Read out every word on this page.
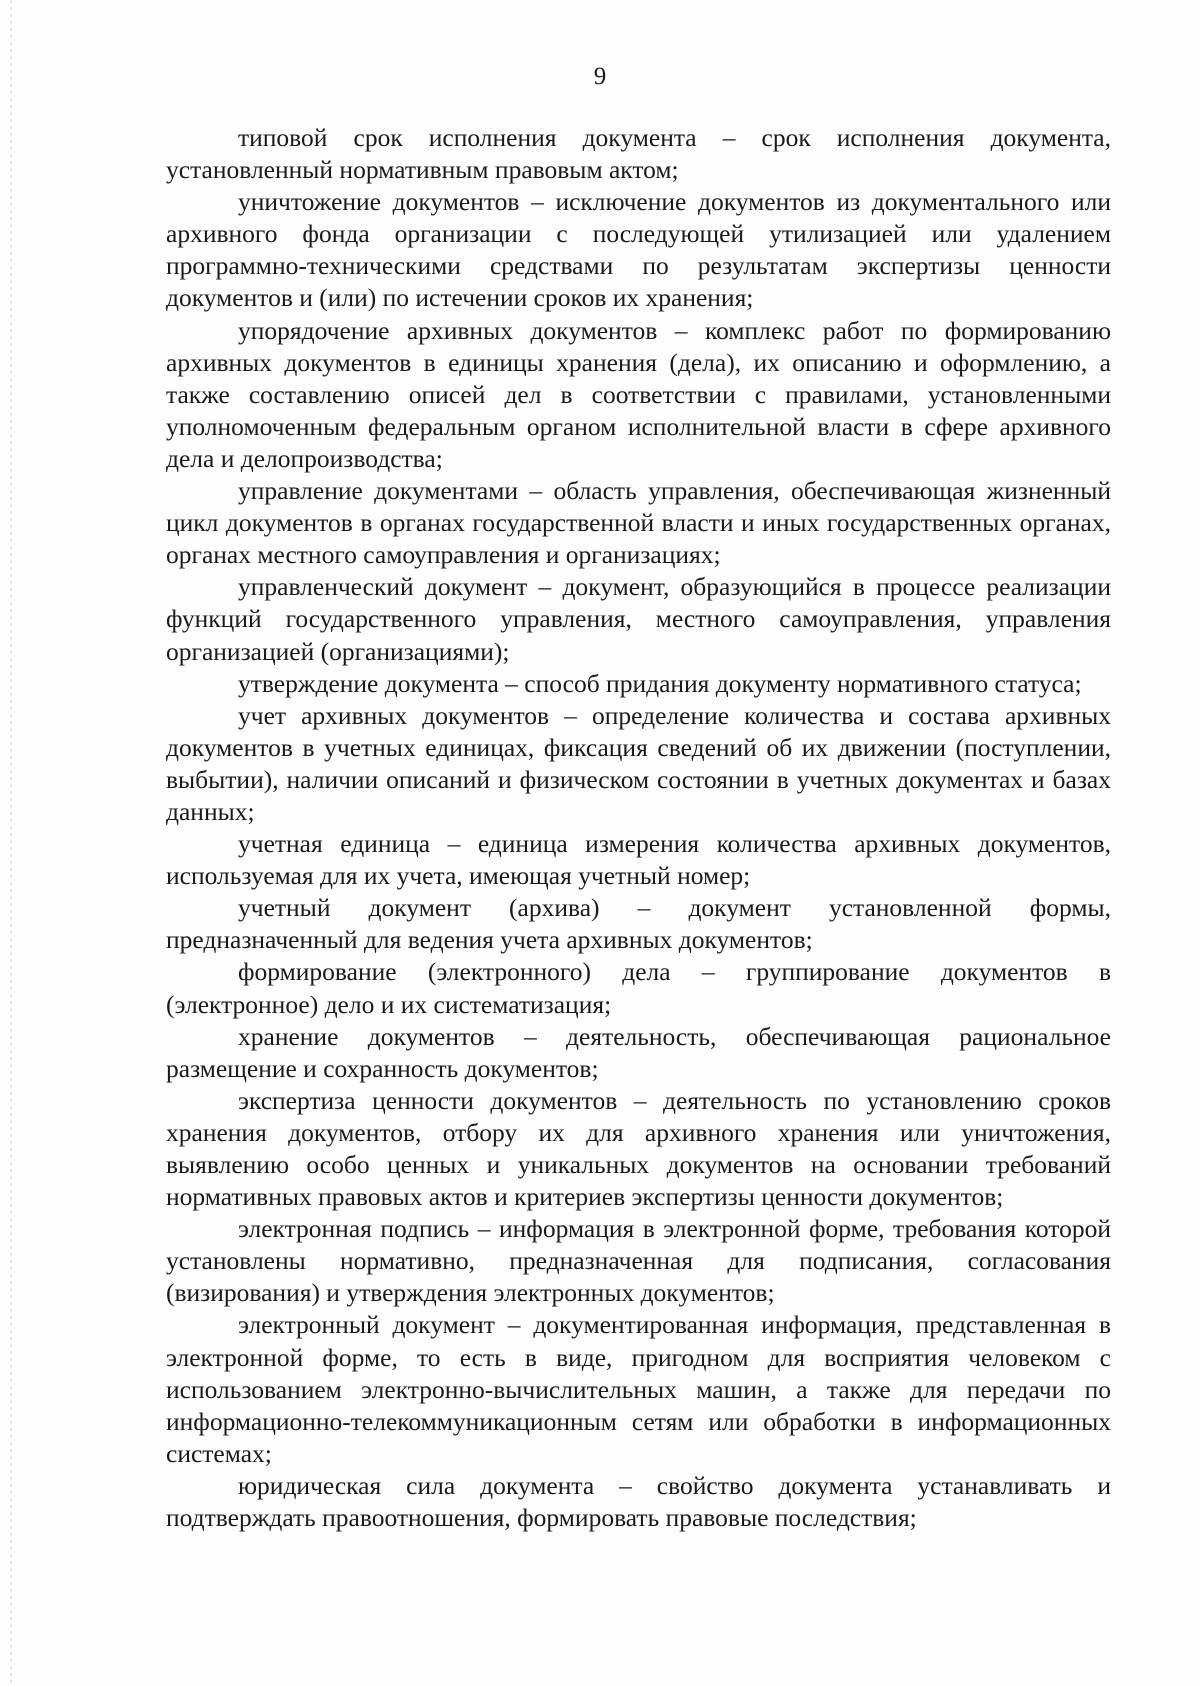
9

типовой срок исполнения документа – срок исполнения документа, установленный нормативным правовым актом;

уничтожение документов – исключение документов из документального или архивного фонда организации с последующей утилизацией или удалением программно-техническими средствами по результатам экспертизы ценности документов и (или) по истечении сроков их хранения;

упорядочение архивных документов – комплекс работ по формированию архивных документов в единицы хранения (дела), их описанию и оформлению, а также составлению описей дел в соответствии с правилами, установленными уполномоченным федеральным органом исполнительной власти в сфере архивного дела и делопроизводства;

управление документами – область управления, обеспечивающая жизненный цикл документов в органах государственной власти и иных государственных органах, органах местного самоуправления и организациях;

управленческий документ – документ, образующийся в процессе реализации функций государственного управления, местного самоуправления, управления организацией (организациями);

утверждение документа – способ придания документу нормативного статуса;

учет архивных документов – определение количества и состава архивных документов в учетных единицах, фиксация сведений об их движении (поступлении, выбытии), наличии описаний и физическом состоянии в учетных документах и базах данных;

учетная единица – единица измерения количества архивных документов, используемая для их учета, имеющая учетный номер;

учетный документ (архива) – документ установленной формы, предназначенный для ведения учета архивных документов;

формирование (электронного) дела – группирование документов в (электронное) дело и их систематизация;

хранение документов – деятельность, обеспечивающая рациональное размещение и сохранность документов;

экспертиза ценности документов – деятельность по установлению сроков хранения документов, отбору их для архивного хранения или уничтожения, выявлению особо ценных и уникальных документов на основании требований нормативных правовых актов и критериев экспертизы ценности документов;

электронная подпись – информация в электронной форме, требования которой установлены нормативно, предназначенная для подписания, согласования (визирования) и утверждения электронных документов;

электронный документ – документированная информация, представленная в электронной форме, то есть в виде, пригодном для восприятия человеком с использованием электронно-вычислительных машин, а также для передачи по информационно-телекоммуникационным сетям или обработки в информационных системах;

юридическая сила документа – свойство документа устанавливать и подтверждать правоотношения, формировать правовые последствия;
